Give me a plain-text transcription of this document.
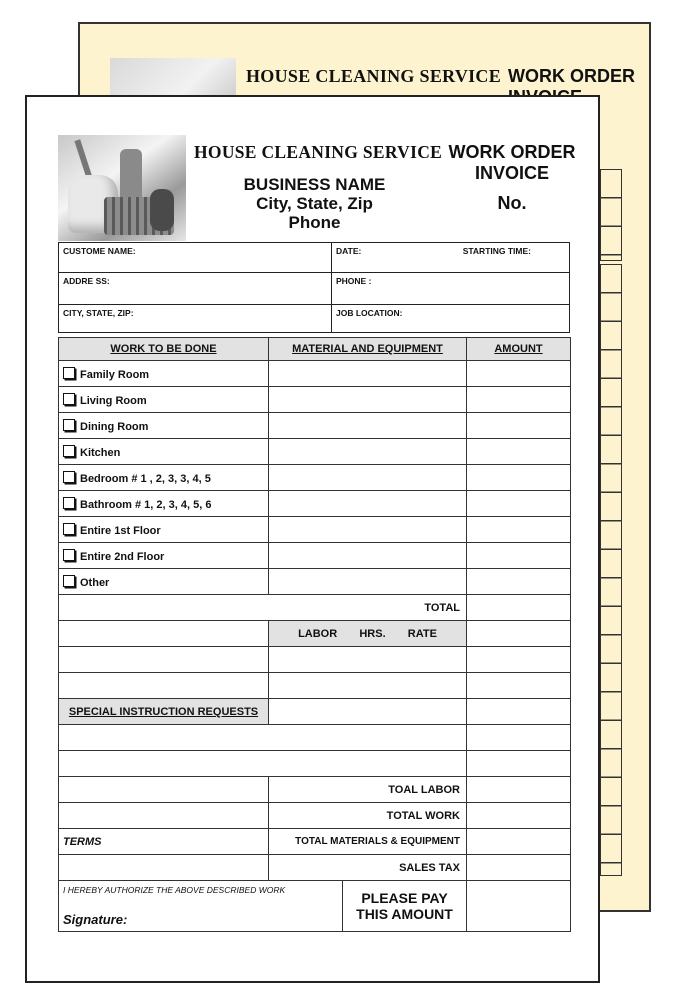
HOUSE CLEANING SERVICE WORK ORDER
HOUSE CLEANING SERVICE
BUSINESS NAME
City, State, Zip
Phone
WORK ORDER
INVOICE
No.
CUSTOME NAME:	DATE: STARTING TIME:

ADDRE SS:	PHONE :
CITY, STATE, ZIP:	JOB LOCATION:
WORK TO BE DONE	MATERIAL AND EQUIPMENT	AMOUNT
Family Room		
Living Room		
Dining Room		
Kitchen		
Bedroom # 1 , 2, 3, 3, 4, 5		
Bathroom # 1, 2, 3, 4, 5, 6		
Entire 1st Floor		
Entire 2nd Floor		
Other		
TOTAL		

	LABOR HRS. RATE	

SPECIAL INSTRUCTION REQUESTS		

	TOAL LABOR	
	TOTAL WORK	
TERMS	TOTAL MATERIALS & EQUIPMENT	
	SALES TAX	

I HEREBY AUTHORIZE THE ABOVE DESCRIBED WORK
Signature:
PLEASE PAY
THIS AMOUNT		
